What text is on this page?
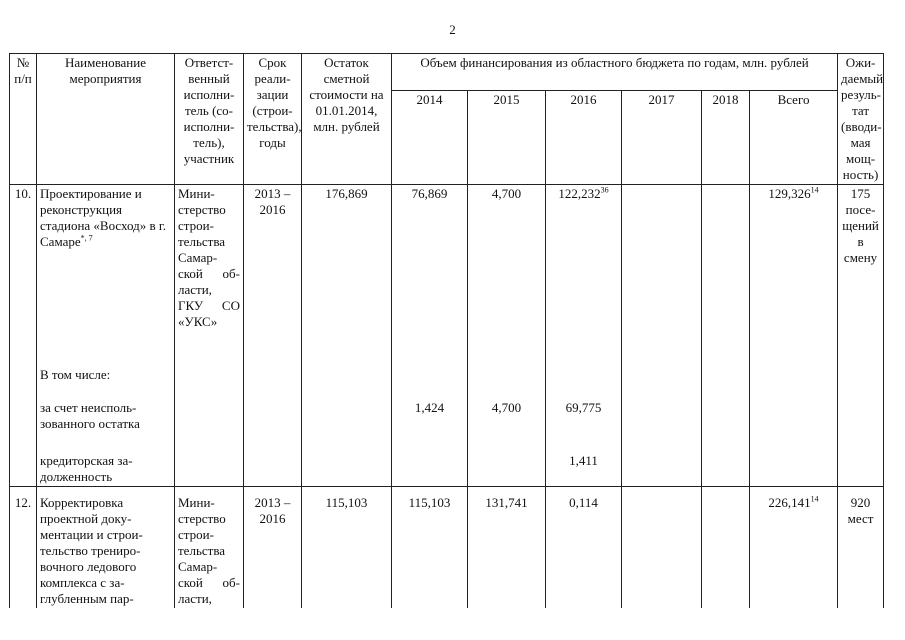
2
№ п/п	Наименование мероприятия	Ответст-венный исполни-тель (со-исполни-тель), участник	Срок реали-зации (строи-тельства), годы	Остаток сметной стоимости на 01.01.2014, млн. рублей	Объем финансирования из областного бюджета по годам, млн. рублей						Ожи-даемый резуль-тат (вводи-мая мощ-ность)
					2014	2015	2016	2017	2018	Всего	
10.	Проектирование и реконструкция стадиона «Восход» в г. Самаре$^{*, 7}$	Мини-стерство строи-тельства Самар-ской об-ласти, ГКУ СО «УКС»	2013 – 2016	176,869	76,869	4,700	122,232$^{36}$			129,326$^{14}$	175 посе-щений в смену
	В том числе:										
	за счет неисполь-зованного остатка				1,424	4,700	69,775				
	кредиторская за-долженность						1,411				
12.	Корректировка проектной доку-ментации и строи-тельство трениро-вочного ледового комплекса с за-глубленным пар-	Мини-стерство строи-тельства Самар-ской об-ласти,	2013 – 2016	115,103	115,103	131,741	0,114			226,141$^{14}$	920 мест
